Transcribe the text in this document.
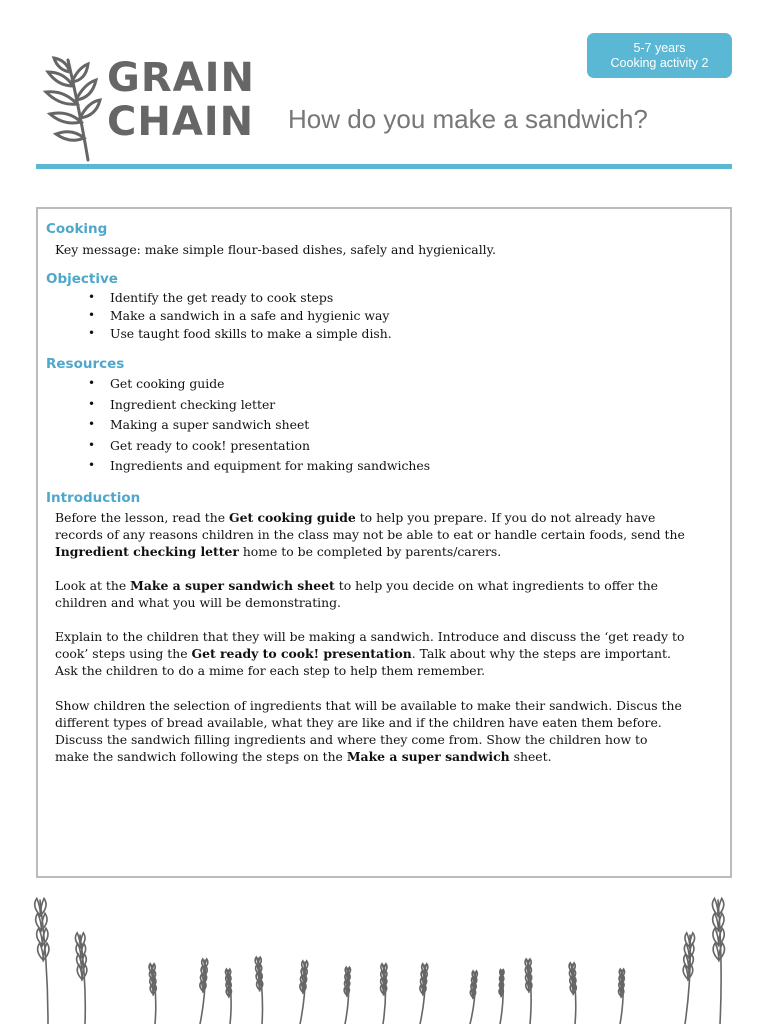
GRAIN
CHAIN
5-7 years
Cooking activity 2
How do you make a sandwich?
Cooking
Key message: make simple flour-based dishes, safely and hygienically.
Objective
• Identify the get ready to cook steps
• Make a sandwich in a safe and hygienic way
• Use taught food skills to make a simple dish.
Resources
• Get cooking guide
• Ingredient checking letter
• Making a super sandwich sheet
• Get ready to cook! presentation
• Ingredients and equipment for making sandwiches
Introduction
Before the lesson, read the Get cooking guide to help you prepare. If you do not already have
records of any reasons children in the class may not be able to eat or handle certain foods, send the
Ingredient checking letter home to be completed by parents/carers.
Look at the Make a super sandwich sheet to help you decide on what ingredients to offer the
children and what you will be demonstrating.
Explain to the children that they will be making a sandwich. Introduce and discuss the ‘get ready to
cook’ steps using the Get ready to cook! presentation. Talk about why the steps are important.
Ask the children to do a mime for each step to help them remember.
Show children the selection of ingredients that will be available to make their sandwich. Discus the
different types of bread available, what they are like and if the children have eaten them before.
Discuss the sandwich filling ingredients and where they come from. Show the children how to
make the sandwich following the steps on the Make a super sandwich sheet.
